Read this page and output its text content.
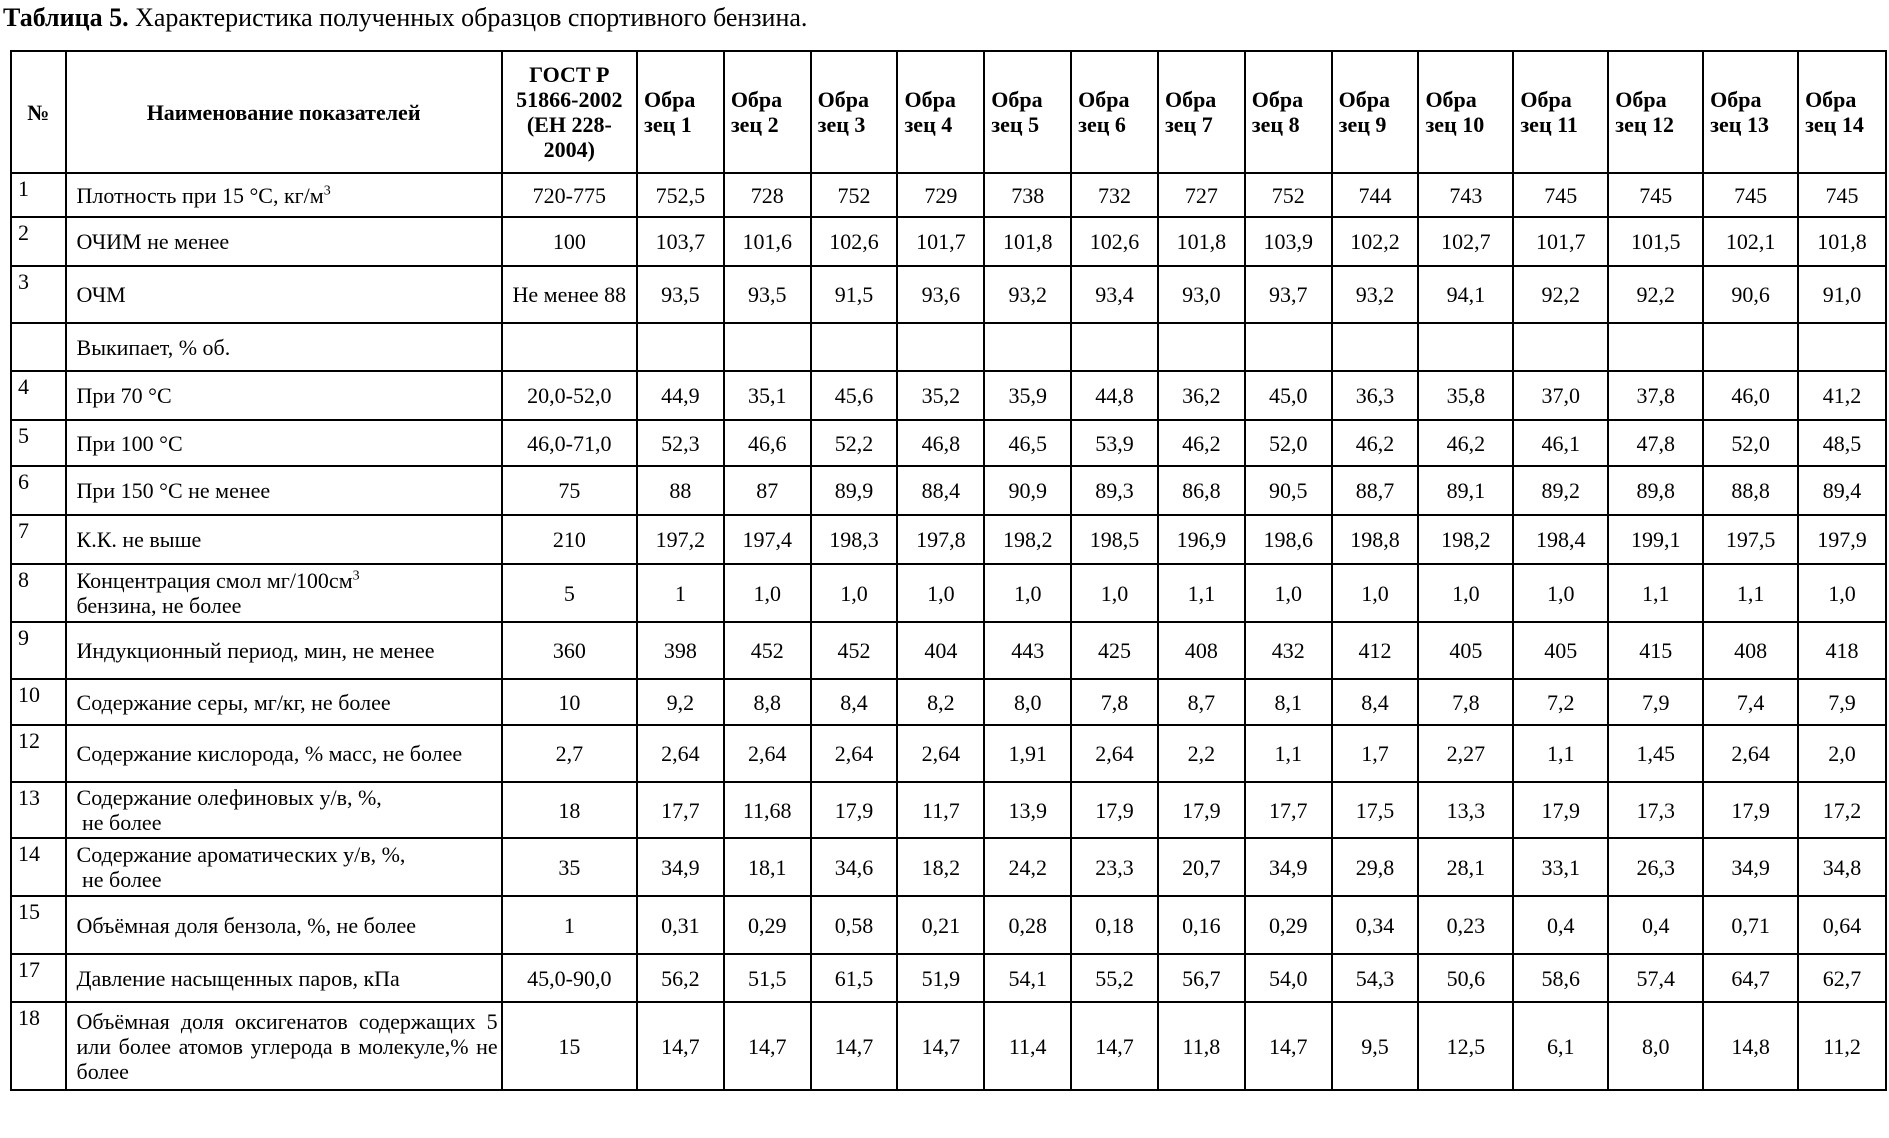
Таблица 5. Характеристика полученных образцов спортивного бензина.
№	Наименование показателей	ГОСТ Р 51866-2002 (ЕН 228-2004)	Обра зец 1	Обра зец 2	Обра зец 3	Обра зец 4	Обра зец 5	Обра зец 6	Обра зец 7	Обра зец 8	Обра зец 9	Обра зец 10	Обра зец 11	Обра зец 12	Обра зец 13	Обра зец 14
1	Плотность при 15 °С, $кг/м^3$	720-775	752,5	728	752	729	738	732	727	752	744	743	745	745	745	745
2	ОЧИМ не менее	100	103,7	101,6	102,6	101,7	101,8	102,6	101,8	103,9	102,2	102,7	101,7	101,5	102,1	101,8
3	ОЧМ	Не менее 88	93,5	93,5	91,5	93,6	93,2	93,4	93,0	93,7	93,2	94,1	92,2	92,2	90,6	91,0
	Выкипает, % об.															
4	При 70 °С	20,0-52,0	44,9	35,1	45,6	35,2	35,9	44,8	36,2	45,0	36,3	35,8	37,0	37,8	46,0	41,2
5	При 100 °С	46,0-71,0	52,3	46,6	52,2	46,8	46,5	53,9	46,2	52,0	46,2	46,2	46,1	47,8	52,0	48,5
6	При 150 °С не менее	75	88	87	89,9	88,4	90,9	89,3	86,8	90,5	88,7	89,1	89,2	89,8	88,8	89,4
7	К.К. не выше	210	197,2	197,4	198,3	197,8	198,2	198,5	196,9	198,6	198,8	198,2	198,4	199,1	197,5	197,9
8	Концентрация смол $мг/100см^3$
бензина, не более	5	1	1,0	1,0	1,0	1,0	1,0	1,1	1,0	1,0	1,0	1,0	1,1	1,1	1,0
9	Индукционный период, мин, не менее	360	398	452	452	404	443	425	408	432	412	405	405	415	408	418
10	Содержание серы, мг/кг, не более	10	9,2	8,8	8,4	8,2	8,0	7,8	8,7	8,1	8,4	7,8	7,2	7,9	7,4	7,9
12	Содержание кислорода, % масс, не более	2,7	2,64	2,64	2,64	2,64	1,91	2,64	2,2	1,1	1,7	2,27	1,1	1,45	2,64	2,0
13	Содержание олефиновых у/в, %,
не более	18	17,7	11,68	17,9	11,7	13,9	17,9	17,9	17,7	17,5	13,3	17,9	17,3	17,9	17,2
14	Содержание ароматических у/в, %,
не более	35	34,9	18,1	34,6	18,2	24,2	23,3	20,7	34,9	29,8	28,1	33,1	26,3	34,9	34,8
15	Объёмная доля бензола, %, не более	1	0,31	0,29	0,58	0,21	0,28	0,18	0,16	0,29	0,34	0,23	0,4	0,4	0,71	0,64
17	Давление насыщенных паров, кПа	45,0-90,0	56,2	51,5	61,5	51,9	54,1	55,2	56,7	54,0	54,3	50,6	58,6	57,4	64,7	62,7
18	Объёмная доля оксигенатов содержащих 5 или более атомов углерода в молекуле,% не более	15	14,7	14,7	14,7	14,7	11,4	14,7	11,8	14,7	9,5	12,5	6,1	8,0	14,8	11,2
